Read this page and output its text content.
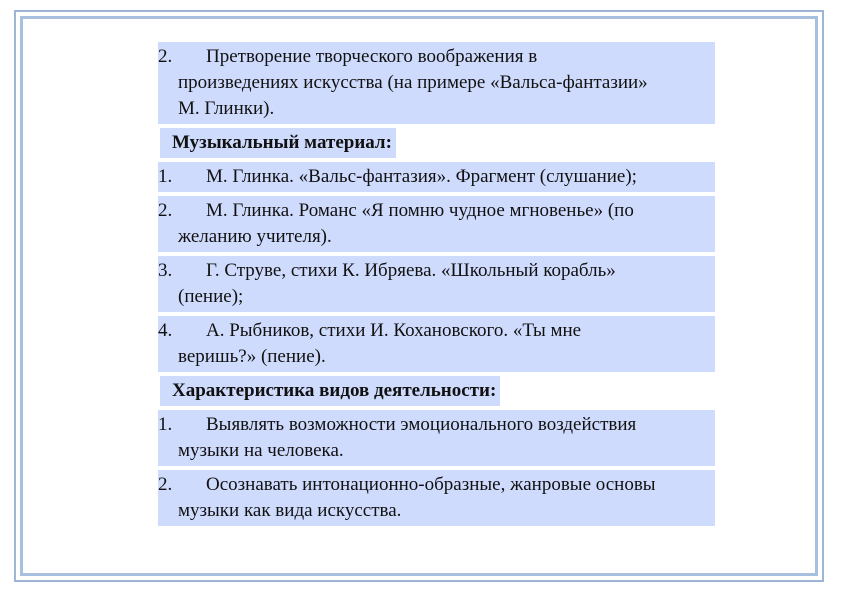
2.	Претворение творческого воображения в
произведениях искусства (на примере «Вальса-фантазии»
М. Глинки).
Музыкальный материал:
1.	М. Глинка. «Вальс-фантазия». Фрагмент (слушание);
2.	М. Глинка. Романс «Я помню чудное мгновенье» (по
желанию учителя).
3.	Г. Струве, стихи К. Ибряева. «Школьный корабль»
(пение);
4.	А. Рыбников, стихи И. Кохановского. «Ты мне
веришь?» (пение).
Характеристика видов деятельности:
1.	Выявлять возможности эмоционального воздействия
музыки на человека.
2.	Осознавать интонационно-образные, жанровые основы
музыки как вида искусства.
